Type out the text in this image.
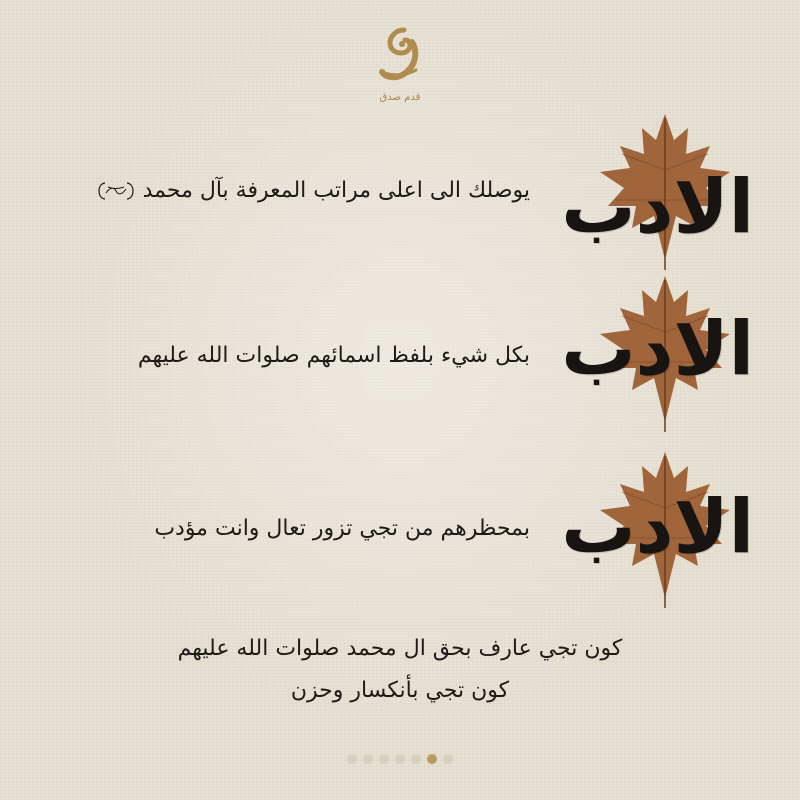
قدم صدق
الادب
يوصلك الى اعلى مراتب المعرفة بآل محمد
الادب
بكل شيء بلفظ اسمائهم صلوات الله عليهم
الادب
بمحظرهم من تجي تزور تعال وانت مؤدب
كون تجي عارف بحق ال محمد صلوات الله عليهم
كون تجي بأنكسار وحزن
